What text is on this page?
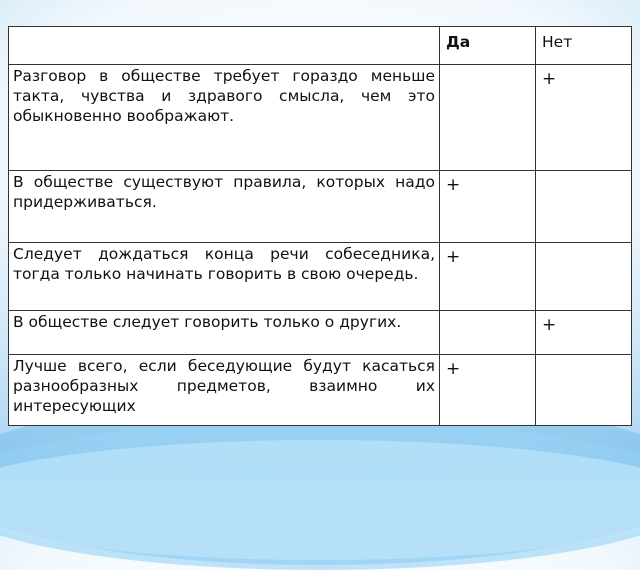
	Да	Нет

Разговор в обществе требует гораздо меньше такта, чувства и здравого смысла, чем это обыкновенно воображают.		+
В обществе существуют правила, которых надо придерживаться.	+	
Следует дождаться конца речи собеседника, тогда только начинать говорить в свою очередь.	+	
В обществе следует говорить только о других.		+
Лучше всего, если беседующие будут касаться разнообразных предметов, взаимно их интересующих	+	
